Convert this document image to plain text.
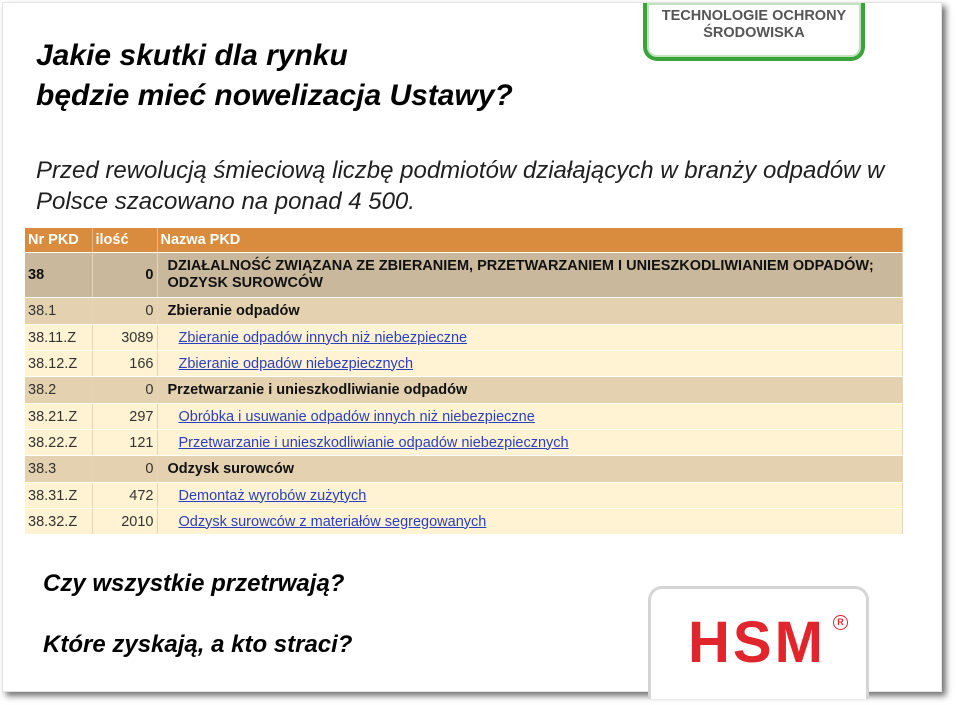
TECHNOLOGIE OCHRONY
ŚRODOWISKA
Jakie skutki dla rynku
będzie mieć nowelizacja Ustawy?

Przed rewolucją śmieciową liczbę podmiotów działających w branży odpadów w Polsce szacowano na ponad 4 500.

Nr PKD	ilość	Nazwa PKD
38	0	DZIAŁALNOŚĆ ZWIĄZANA ZE ZBIERANIEM, PRZETWARZANIEM I UNIESZKODLIWIANIEM ODPADÓW; ODZYSK SUROWCÓW
38.1	0	Zbieranie odpadów
38.11.Z	3089	Zbieranie odpadów innych niż niebezpieczne
38.12.Z	166	Zbieranie odpadów niebezpiecznych
38.2	0	Przetwarzanie i unieszkodliwianie odpadów
38.21.Z	297	Obróbka i usuwanie odpadów innych niż niebezpieczne
38.22.Z	121	Przetwarzanie i unieszkodliwianie odpadów niebezpiecznych
38.3	0	Odzysk surowców
38.31.Z	472	Demontaż wyrobów zużytych
38.32.Z	2010	Odzysk surowców z materiałów segregowanych

Czy wszystkie przetrwają?

Które zyskają, a kto straci?	HSM	R
